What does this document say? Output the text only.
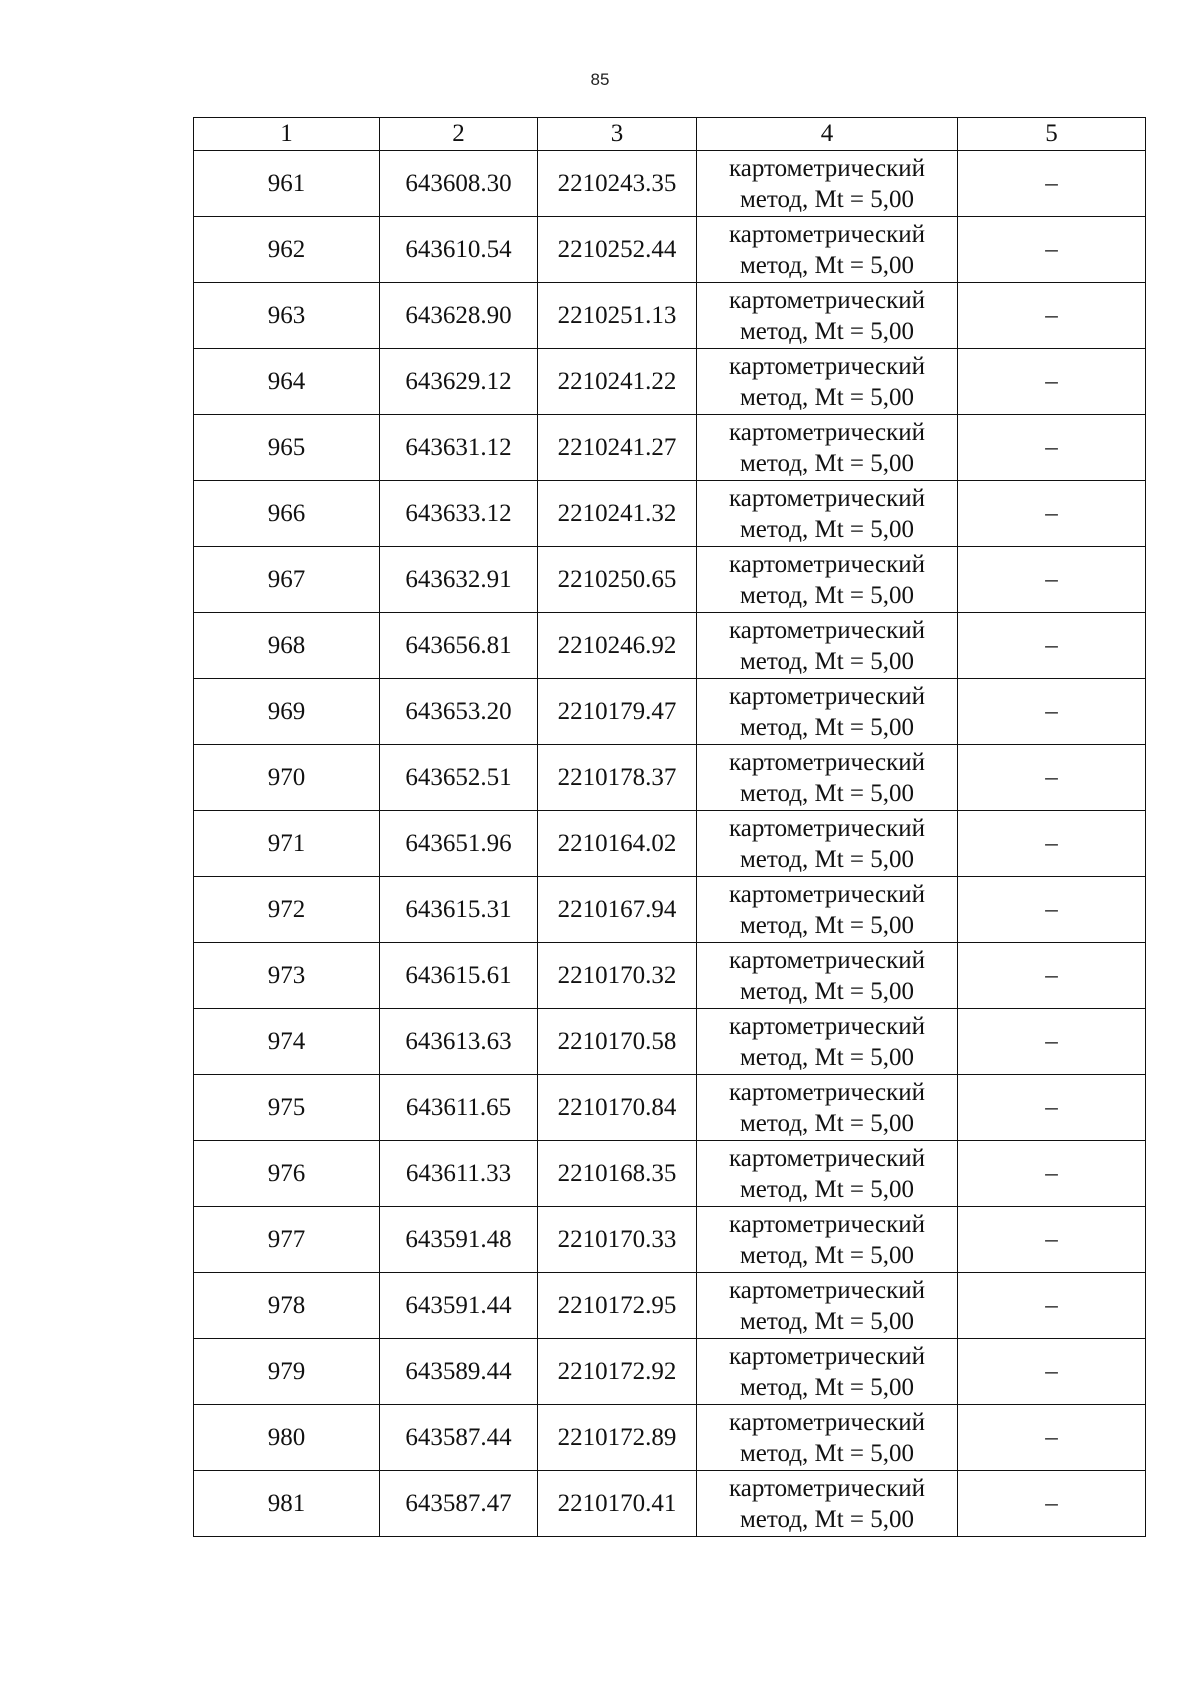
85
1	2	3	4	5
961	643608.30	2210243.35	картометрический
метод, Mt = 5,00	–
962	643610.54	2210252.44	картометрический
метод, Mt = 5,00	–
963	643628.90	2210251.13	картометрический
метод, Mt = 5,00	–
964	643629.12	2210241.22	картометрический
метод, Mt = 5,00	–
965	643631.12	2210241.27	картометрический
метод, Mt = 5,00	–
966	643633.12	2210241.32	картометрический
метод, Mt = 5,00	–
967	643632.91	2210250.65	картометрический
метод, Mt = 5,00	–
968	643656.81	2210246.92	картометрический
метод, Mt = 5,00	–
969	643653.20	2210179.47	картометрический
метод, Mt = 5,00	–
970	643652.51	2210178.37	картометрический
метод, Mt = 5,00	–
971	643651.96	2210164.02	картометрический
метод, Mt = 5,00	–
972	643615.31	2210167.94	картометрический
метод, Mt = 5,00	–
973	643615.61	2210170.32	картометрический
метод, Mt = 5,00	–
974	643613.63	2210170.58	картометрический
метод, Mt = 5,00	–
975	643611.65	2210170.84	картометрический
метод, Mt = 5,00	–
976	643611.33	2210168.35	картометрический
метод, Mt = 5,00	–
977	643591.48	2210170.33	картометрический
метод, Mt = 5,00	–
978	643591.44	2210172.95	картометрический
метод, Mt = 5,00	–
979	643589.44	2210172.92	картометрический
метод, Mt = 5,00	–
980	643587.44	2210172.89	картометрический
метод, Mt = 5,00	–
981	643587.47	2210170.41	картометрический
метод, Mt = 5,00	–
